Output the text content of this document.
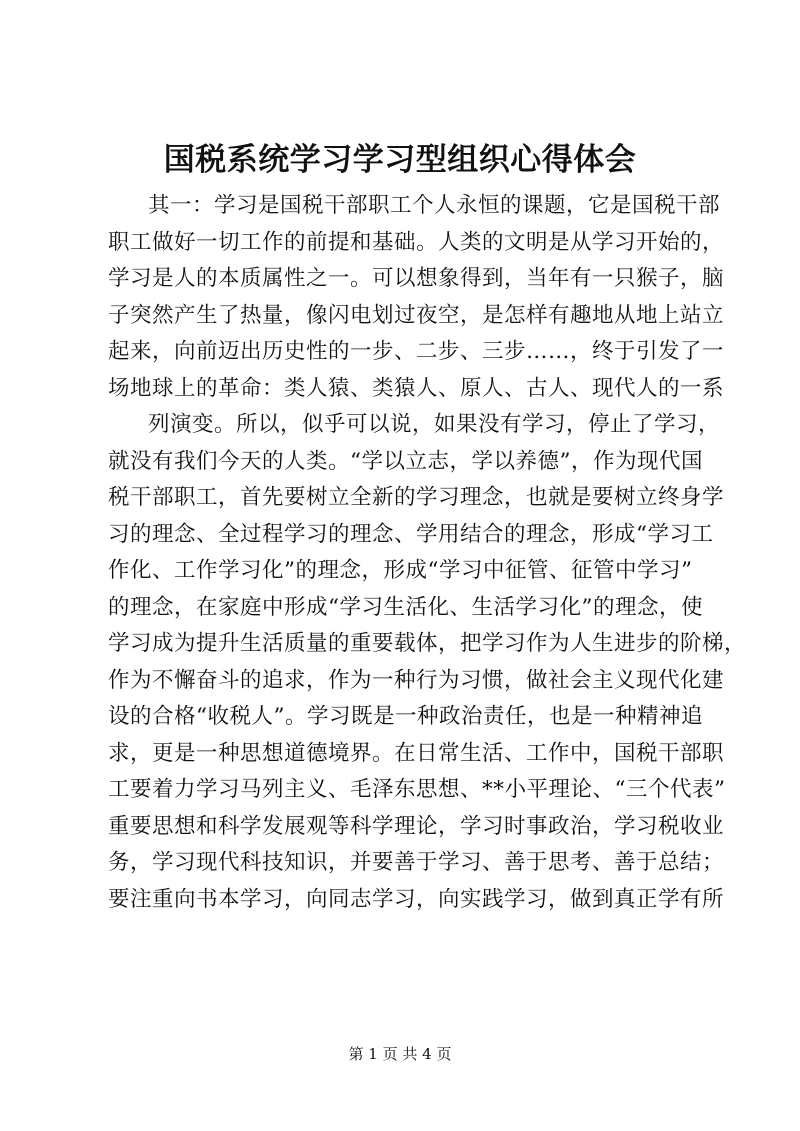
国税系统学习学习型组织心得体会
其一：学习是国税干部职工个人永恒的课题，它是国税干部
职工做好一切工作的前提和基础。人类的文明是从学习开始的，
学习是人的本质属性之一。可以想象得到，当年有一只猴子，脑
子突然产生了热量，像闪电划过夜空，是怎样有趣地从地上站立
起来，向前迈出历史性的一步、二步、三步……，终于引发了一
场地球上的革命：类人猿、类猿人、原人、古人、现代人的一系
列演变。所以，似乎可以说，如果没有学习，停止了学习，
就没有我们今天的人类。“学以立志，学以养德”，作为现代国
税干部职工，首先要树立全新的学习理念，也就是要树立终身学
习的理念、全过程学习的理念、学用结合的理念，形成“学习工
作化、工作学习化”的理念，形成“学习中征管、征管中学习”
的理念，在家庭中形成“学习生活化、生活学习化”的理念，使
学习成为提升生活质量的重要载体，把学习作为人生进步的阶梯，
作为不懈奋斗的追求，作为一种行为习惯，做社会主义现代化建
设的合格“收税人”。学习既是一种政治责任，也是一种精神追
求，更是一种思想道德境界。在日常生活、工作中，国税干部职
工要着力学习马列主义、毛泽东思想、**小平理论、“三个代表”
重要思想和科学发展观等科学理论，学习时事政治，学习税收业
务，学习现代科技知识，并要善于学习、善于思考、善于总结；
要注重向书本学习，向同志学习，向实践学习，做到真正学有所
第 1 页 共 4 页
